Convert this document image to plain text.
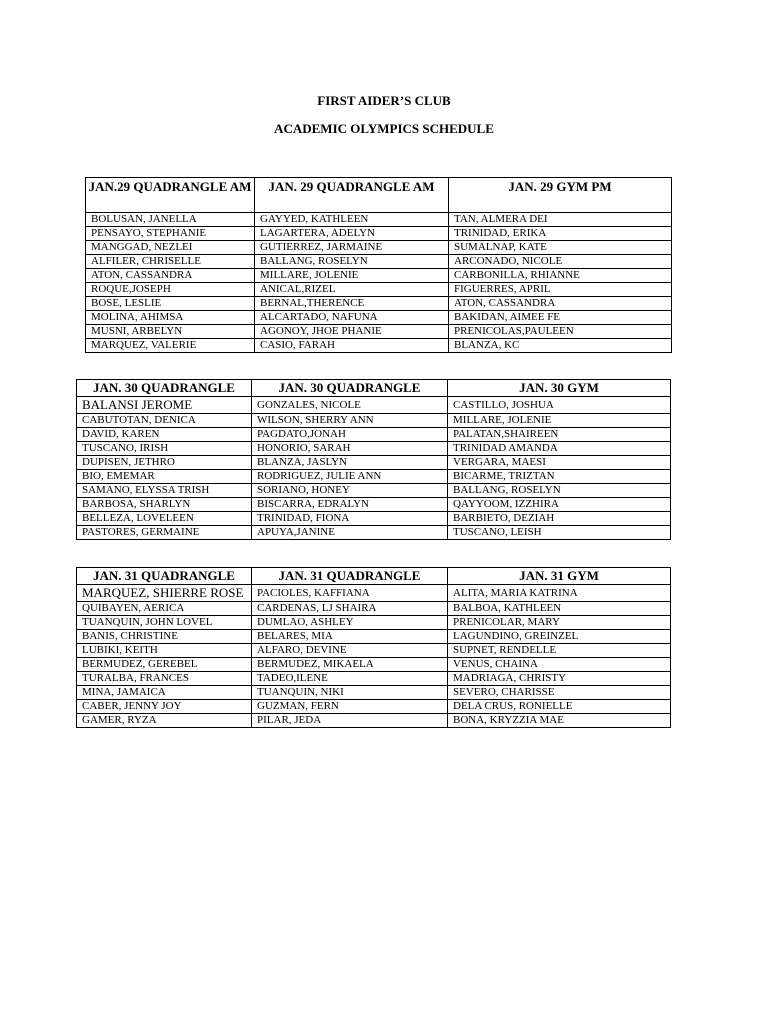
FIRST AIDER’S CLUB
ACADEMIC OLYMPICS SCHEDULE
JAN.29 QUADRANGLE AM	JAN. 29 QUADRANGLE AM	JAN. 29 GYM PM
BOLUSAN, JANELLA	GAYYED, KATHLEEN	TAN, ALMERA DEI
PENSAYO, STEPHANIE	LAGARTERA, ADELYN	TRINIDAD, ERIKA
MANGGAD, NEZLEI	GUTIERREZ, JARMAINE	SUMALNAP, KATE
ALFILER, CHRISELLE	BALLANG, ROSELYN	ARCONADO, NICOLE
ATON, CASSANDRA	MILLARE, JOLENIE	CARBONILLA, RHIANNE
ROQUE,JOSEPH	ANICAL,RIZEL	FIGUERRES, APRIL
BOSE, LESLIE	BERNAL,THERENCE	ATON, CASSANDRA
MOLINA, AHIMSA	ALCARTADO, NAFUNA	BAKIDAN, AIMEE FE
MUSNI, ARBELYN	AGONOY, JHOE PHANIE	PRENICOLAS,PAULEEN
MARQUEZ, VALERIE	CASIO, FARAH	BLANZA, KC
JAN. 30 QUADRANGLE	JAN. 30 QUADRANGLE	JAN. 30 GYM
BALANSI JEROME	GONZALES, NICOLE	CASTILLO, JOSHUA
CABUTOTAN, DENICA	WILSON, SHERRY ANN	MILLARE, JOLENIE
DAVID, KAREN	PAGDATO,JONAH	PALATAN,SHAIREEN
TUSCANO, IRISH	HONORIO, SARAH	TRINIDAD AMANDA
DUPISEN, JETHRO	BLANZA, JASLYN	VERGARA, MAESI
BIO, EMEMAR	RODRIGUEZ, JULIE ANN	BICARME, TRIZTAN
SAMANO, ELYSSA TRISH	SORIANO, HONEY	BALLANG, ROSELYN
BARBOSA, SHARLYN	BISCARRA, EDRALYN	QAYYOOM, IZZHIRA
BELLEZA, LOVELEEN	TRINIDAD, FIONA	BARBIETO, DEZIAH
PASTORES, GERMAINE	APUYA,JANINE	TUSCANO, LEISH
JAN. 31 QUADRANGLE	JAN. 31 QUADRANGLE	JAN. 31 GYM
MARQUEZ, SHIERRE ROSE	PACIOLES, KAFFIANA	ALITA, MARIA KATRINA
QUIBAYEN, AERICA	CARDENAS, LJ SHAIRA	BALBOA, KATHLEEN
TUANQUIN, JOHN LOVEL	DUMLAO, ASHLEY	PRENICOLAR, MARY
BANIS, CHRISTINE	BELARES, MIA	LAGUNDINO, GREINZEL
LUBIKI, KEITH	ALFARO, DEVINE	SUPNET, RENDELLE
BERMUDEZ, GEREBEL	BERMUDEZ, MIKAELA	VENUS, CHAINA
TURALBA, FRANCES	TADEO,ILENE	MADRIAGA, CHRISTY
MINA, JAMAICA	TUANQUIN, NIKI	SEVERO, CHARISSE
CABER, JENNY JOY	GUZMAN, FERN	DELA CRUS, RONIELLE
GAMER, RYZA	PILAR, JEDA	BONA, KRYZZIA MAE
